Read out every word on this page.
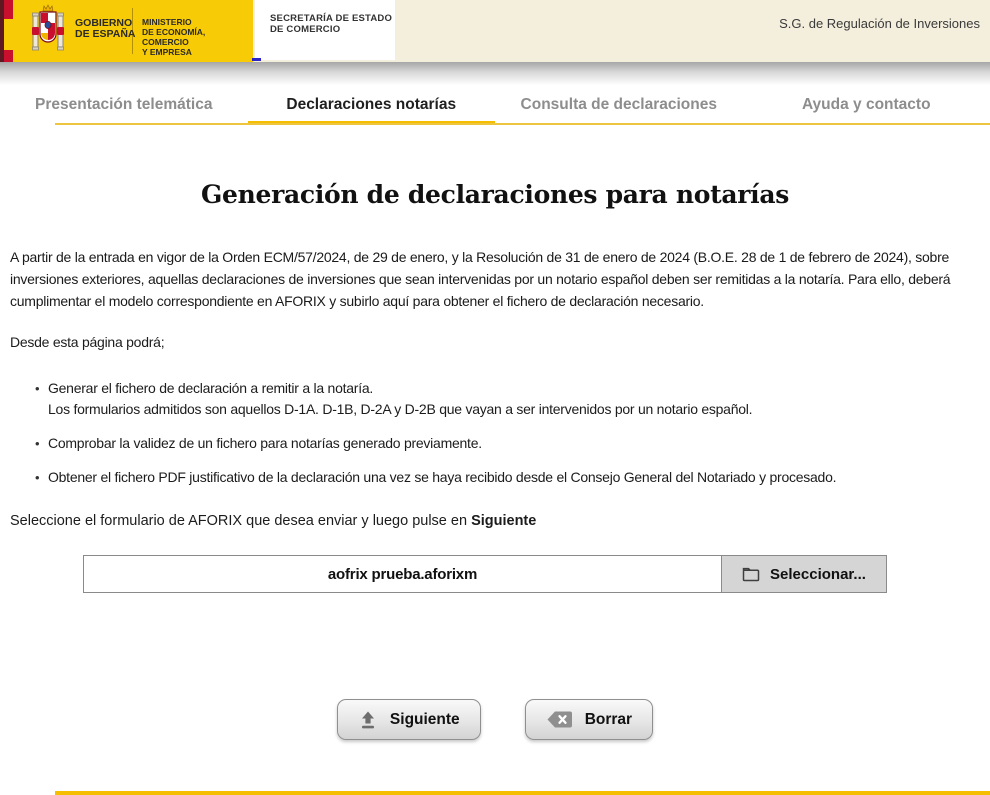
GOBIERNO
DE ESPAÑA
MINISTERIO
DE ECONOMÍA, COMERCIO
Y EMPRESA
SECRETARÍA DE ESTADO
DE COMERCIO	S.G. de Regulación de Inversiones
Presentación telemática	Declaraciones notarías	Consulta de declaraciones	Ayuda y contacto
Generación de declaraciones para notarías

A partir de la entrada en vigor de la Orden ECM/57/2024, de 29 de enero, y la Resolución de 31 de enero de 2024 (B.O.E. 28 de 1 de febrero de 2024), sobre inversiones exteriores, aquellas declaraciones de inversiones que sean intervenidas por un notario español deben ser remitidas a la notaría. Para ello, deberá cumplimentar el modelo correspondiente en AFORIX y subirlo aquí para obtener el fichero de declaración necesario.

Desde esta página podrá;

• Generar el fichero de declaración a remitir a la notaría.
Los formularios admitidos son aquellos D-1A. D-1B, D-2A y D-2B que vayan a ser intervenidos por un notario español.
• Comprobar la validez de un fichero para notarías generado previamente.
• Obtener el fichero PDF justificativo de la declaración una vez se haya recibido desde el Consejo General del Notariado y procesado.

Seleccione el formulario de AFORIX que desea enviar y luego pulse en Siguiente

aofrix prueba.aforixm	Seleccionar...
Siguiente	Borrar
